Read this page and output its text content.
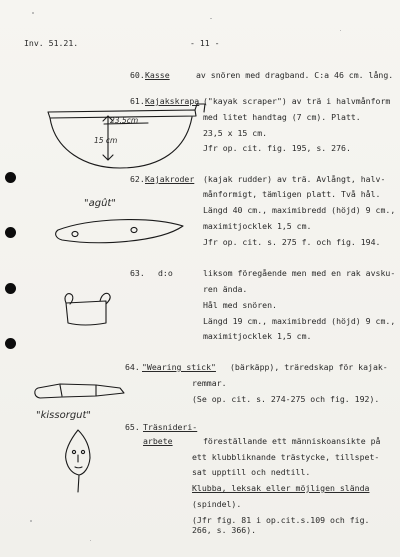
Inv. 51.21.	- 11 -
60. Kasse	av snören med dragband. C:a 46 cm. lång.
61. Kajakskrapa ("kayak scraper") av trä i halvmånform
med litet handtag (7 cm). Platt.
23,5 x 15 cm.
Jfr op. cit. fig. 195, s. 276.
62. Kajakroder (kajak rudder) av trä. Avlångt, halv-
månformigt, tämligen platt. Två hål.
Längd 40 cm., maximibredd (höjd) 9 cm.,
maximitjocklek 1,5 cm.
Jfr op. cit. s. 275 f. och fig. 194.
63. d:o	liksom föregående men med en rak avsku-
ren ända.
Hål med snören.
Längd 19 cm., maximibredd (höjd) 9 cm.,
maximitjocklek 1,5 cm.
64. "Wearing stick" (bärkäpp), träredskap för kajak-
remmar.
(Se op. cit. s. 274-275 och fig. 192).
65. Träsnideri-
arbete	föreställande ett människoansikte på
ett klubbliknande trästycke, tillspet-
sat upptill och nedtill.
Klubba, leksak eller möjligen slända
(spindel).
(Jfr fig. 81 i op.cit.s.109 och fig.
266, s. 366).
23,5cm
15 cm
"agût"
"kissorgut"
